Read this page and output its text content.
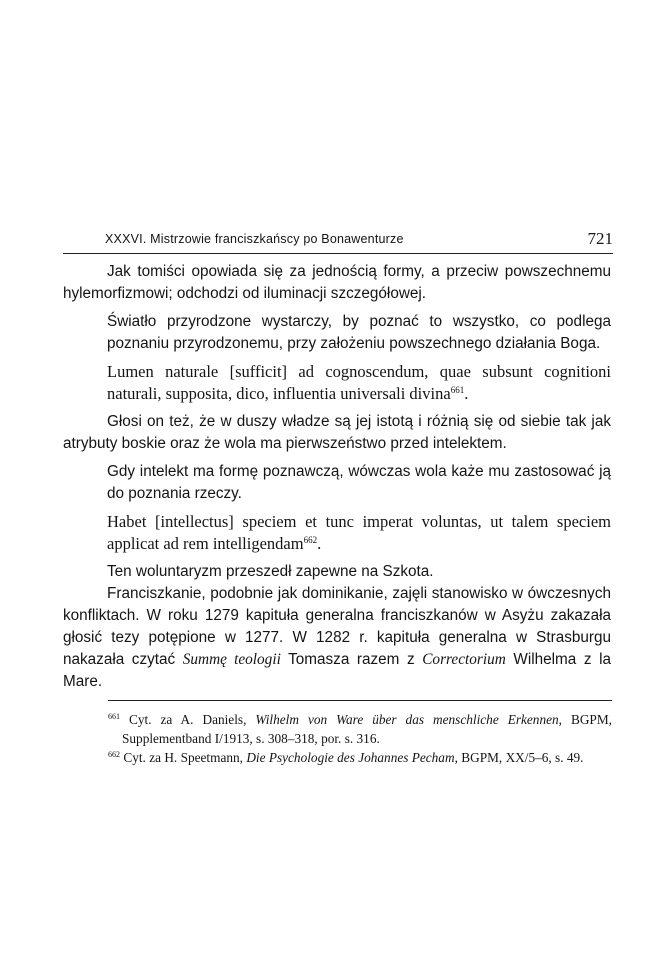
XXXVI. Mistrzowie franciszkańscy po Bonawenturze	721

Jak tomiści opowiada się za jednością formy, a przeciw powszechnemu hylemorfizmowi; odchodzi od iluminacji szczegółowej.

Światło przyrodzone wystarczy, by poznać to wszystko, co podlega poznaniu przyrodzonemu, przy założeniu powszechnego działania Boga.

Lumen naturale [sufficit] ad cognoscendum, quae subsunt cognitioni naturali, supposita, dico, influentia universali divina$^{661}$.

Głosi on też, że w duszy władze są jej istotą i różnią się od siebie tak jak atrybuty boskie oraz że wola ma pierwszeństwo przed intelektem.

Gdy intelekt ma formę poznawczą, wówczas wola każe mu zastosować ją do poznania rzeczy.

Habet [intellectus] speciem et tunc imperat voluntas, ut talem speciem applicat ad rem intelligendam$^{662}$.

Ten woluntaryzm przeszedł zapewne na Szkota.

Franciszkanie, podobnie jak dominikanie, zajęli stanowisko w ówczesnych konfliktach. W roku 1279 kapituła generalna franciszkanów w Asyżu zakazała głosić tezy potępione w 1277. W 1282 r. kapituła generalna w Strasburgu nakazała czytać Summę teologii Tomasza razem z Correctorium Wilhelma z la Mare.

$^{661}$ Cyt. za A. Daniels, Wilhelm von Ware über das menschliche Erkennen, BGPM, Supplementband I/1913, s. 308–318, por. s. 316.

$^{662}$ Cyt. za H. Speetmann, Die Psychologie des Johannes Pecham, BGPM, XX/5–6, s. 49.
